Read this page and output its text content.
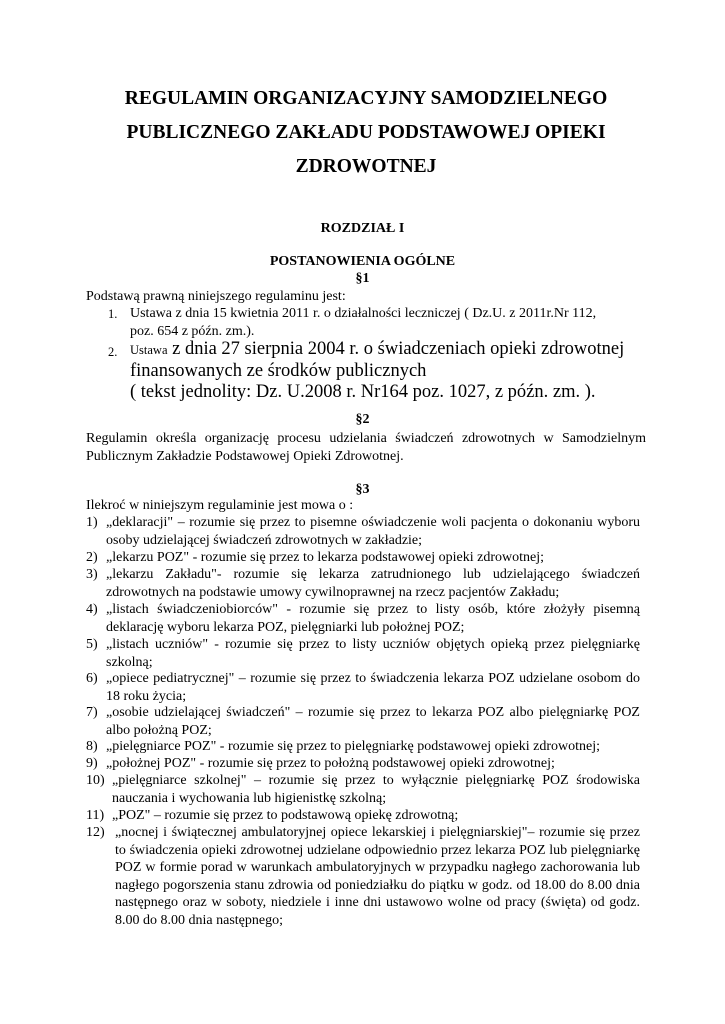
REGULAMIN ORGANIZACYJNY SAMODZIELNEGO
PUBLICZNEGO ZAKŁADU PODSTAWOWEJ OPIEKI
ZDROWOTNEJ
ROZDZIAŁ I
POSTANOWIENIA OGÓLNE
§1
Podstawą prawną niniejszego regulaminu jest:
1. Ustawa z dnia 15 kwietnia 2011 r. o działalności leczniczej ( Dz.U. z 2011r.Nr 112,
poz. 654 z późn. zm.).
2.	Ustawa z dnia 27 sierpnia 2004 r. o świadczeniach opieki zdrowotnej
finansowanych ze środków publicznych
( tekst jednolity: Dz. U.2008 r. Nr164 poz. 1027, z późn. zm. ).
§2
Regulamin określa organizację procesu udzielania świadczeń zdrowotnych w Samodzielnym Publicznym Zakładzie Podstawowej Opieki Zdrowotnej.
§3
Ilekroć w niniejszym regulaminie jest mowa o :
1) „deklaracji" – rozumie się przez to pisemne oświadczenie woli pacjenta o dokonaniu wyboru osoby udzielającej świadczeń zdrowotnych w zakładzie;
2) „lekarzu POZ" - rozumie się przez to lekarza podstawowej opieki zdrowotnej;
3) „lekarzu Zakładu"- rozumie się lekarza zatrudnionego lub udzielającego świadczeń zdrowotnych na podstawie umowy cywilnoprawnej na rzecz pacjentów Zakładu;
4) „listach świadczeniobiorców" - rozumie się przez to listy osób, które złożyły pisemną deklarację wyboru lekarza POZ, pielęgniarki lub położnej POZ;
5) „listach uczniów" - rozumie się przez to listy uczniów objętych opieką przez pielęgniarkę szkolną;
6) „opiece pediatrycznej" – rozumie się przez to świadczenia lekarza POZ udzielane osobom do 18 roku życia;
7) „osobie udzielającej świadczeń" – rozumie się przez to lekarza POZ albo pielęgniarkę POZ albo położną POZ;
8) „pielęgniarce POZ" - rozumie się przez to pielęgniarkę podstawowej opieki zdrowotnej;
9) „położnej POZ" - rozumie się przez to położną podstawowej opieki zdrowotnej;
10) „pielęgniarce szkolnej" – rozumie się przez to wyłącznie pielęgniarkę POZ środowiska nauczania i wychowania lub higienistkę szkolną;
11) „POZ" – rozumie się przez to podstawową opiekę zdrowotną;
12) „nocnej i świątecznej ambulatoryjnej opiece lekarskiej i pielęgniarskiej"– rozumie się przez to świadczenia opieki zdrowotnej udzielane odpowiednio przez lekarza POZ lub pielęgniarkę POZ w formie porad w warunkach ambulatoryjnych w przypadku nagłego zachorowania lub nagłego pogorszenia stanu zdrowia od poniedziałku do piątku w godz. od 18.00 do 8.00 dnia następnego oraz w soboty, niedziele i inne dni ustawowo wolne od pracy (święta) od godz. 8.00 do 8.00 dnia następnego;
